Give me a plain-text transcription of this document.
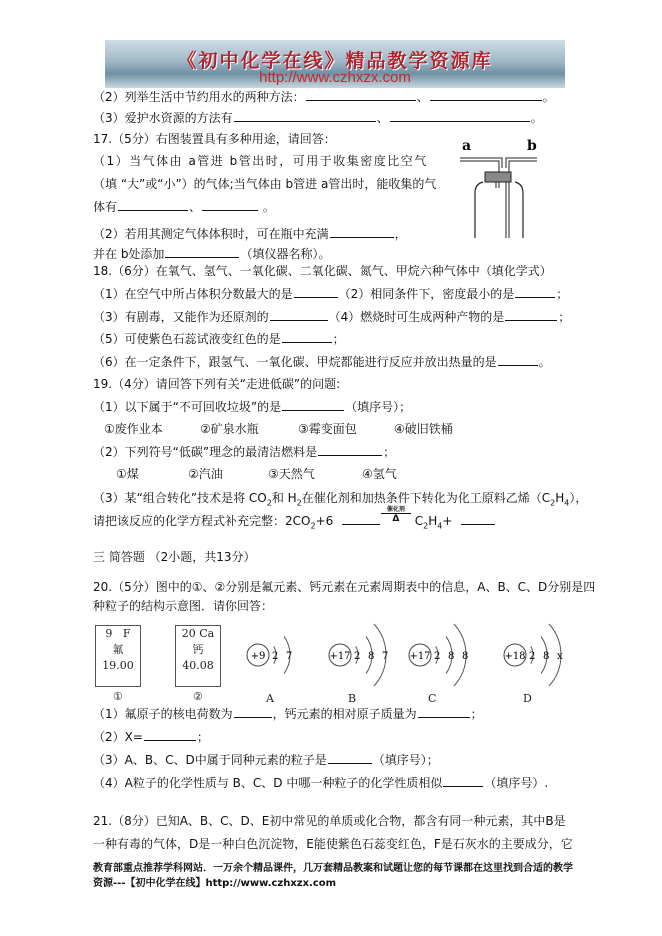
《初中化学在线》精品教学资源库
http://www.czhxzx.com
（2）列举生活中节约用水的两种方法：	、	。
（3）爱护水资源的方法有	、	。
17.（5分）右图装置具有多种用途，请回答：
（1）当气体由 a管进 b管出时，可用于收集密度比空气
（填 “大”或“小”）的气体;当气体由 b管进 a管出时，能收集的气
体有	、	。
（2）若用其测定气体体积时，可在瓶中充满	，
并在 b处添加	（填仪器名称）。
a	b
18.（6分）在氧气、氢气、一氧化碳、二氧化碳、氮气、甲烷六种气体中（填化学式）
（1）在空气中所占体积分数最大的是	（2）相同条件下，密度最小的是	；
（3）有剧毒，又能作为还原剂的	（4）燃烧时可生成两种产物的是	；
（5）可使紫色石蕊试液变红色的是	；
（6）在一定条件下，跟氢气、一氧化碳、甲烷都能进行反应并放出热量的是	。
19.（4分）请回答下列有关“走进低碳”的问题:
（1）以下属于“不可回收垃圾”的是	（填序号）；
①废作业本	②矿泉水瓶	③霉变面包	④破旧铁桶
（2）下列符号“低碳”理念的最清洁燃料是	；
①煤	②汽油	③天然气	④氢气
（3）某“组合转化”技术是将 $CO_2$和 $H_2$在催化剂和加热条件下转化为化工原料乙烯$(C_2H_4)$，
请把该反应的化学方程式补充完整：$2CO_2+6$
催化剂
Δ	$C_2H_4+$
三 简答题 （2小题，共13分）
20.（5分）图中的①、②分别是氟元素、钙元素在元素周期表中的信息，A、B、C、D分别是四
种粒子的结构示意图．请你回答：
9 F
氟
19.00
①
20 Ca
钙
40.08
②
+9 2 7
A
+17 2 8 7
B
+17 2 8 8
C
+18 2 8 x
D
（1）氟原子的核电荷数为	，钙元素的相对原子质量为	；
（2）X=	；
（3）A、B、C、D中属于同种元素的粒子是	（填序号）；
（4）A粒子的化学性质与 B、C、D 中哪一种粒子的化学性质相似	（填序号）.
21.（8分）已知A、B、C、D、E初中常见的单质或化合物，都含有同一种元素，其中B是
一种有毒的气体，D是一种白色沉淀物，E能使紫色石蕊变红色，F是石灰水的主要成分，它
教育部重点推荐学科网站．一万余个精品课件，几万套精品教案和试题让您的每节课都在这里找到合适的教学
资源---【初中化学在线】http://www.czhxzx.com
